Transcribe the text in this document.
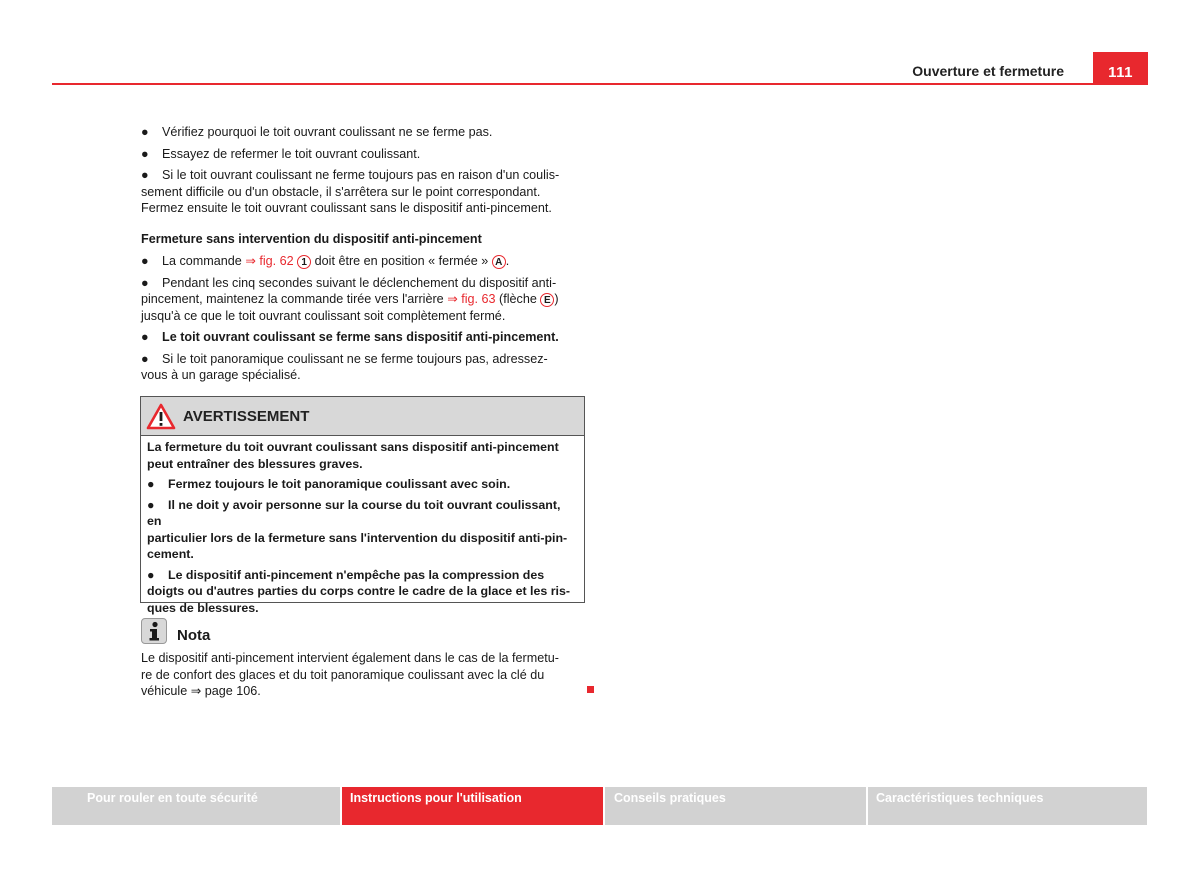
Ouverture et fermeture	111

● Vérifiez pourquoi le toit ouvrant coulissant ne se ferme pas.

● Essayez de refermer le toit ouvrant coulissant.

● Si le toit ouvrant coulissant ne ferme toujours pas en raison d'un coulis-
sement difficile ou d'un obstacle, il s'arrêtera sur le point correspondant.
Fermez ensuite le toit ouvrant coulissant sans le dispositif anti-pincement.

Fermeture sans intervention du dispositif anti-pincement

● La commande ⇒ fig. 62 1 doit être en position « fermée » A .

● Pendant les cinq secondes suivant le déclenchement du dispositif anti-
pincement, maintenez la commande tirée vers l'arrière ⇒ fig. 63 (flèche E )
jusqu'à ce que le toit ouvrant coulissant soit complètement fermé.

● Le toit ouvrant coulissant se ferme sans dispositif anti-pincement.

● Si le toit panoramique coulissant ne se ferme toujours pas, adressez-
vous à un garage spécialisé.

AVERTISSEMENT

La fermeture du toit ouvrant coulissant sans dispositif anti-pincement
peut entraîner des blessures graves.

● Fermez toujours le toit panoramique coulissant avec soin.

● Il ne doit y avoir personne sur la course du toit ouvrant coulissant, en
particulier lors de la fermeture sans l'intervention du dispositif anti-pin-
cement.

● Le dispositif anti-pincement n'empêche pas la compression des
doigts ou d'autres parties du corps contre le cadre de la glace et les ris-
ques de blessures.

Nota
Le dispositif anti-pincement intervient également dans le cas de la fermetu-
re de confort des glaces et du toit panoramique coulissant avec la clé du
véhicule ⇒ page 106.
Pour rouler en toute sécurité	Instructions pour l'utilisation	Conseils pratiques	Caractéristiques techniques
